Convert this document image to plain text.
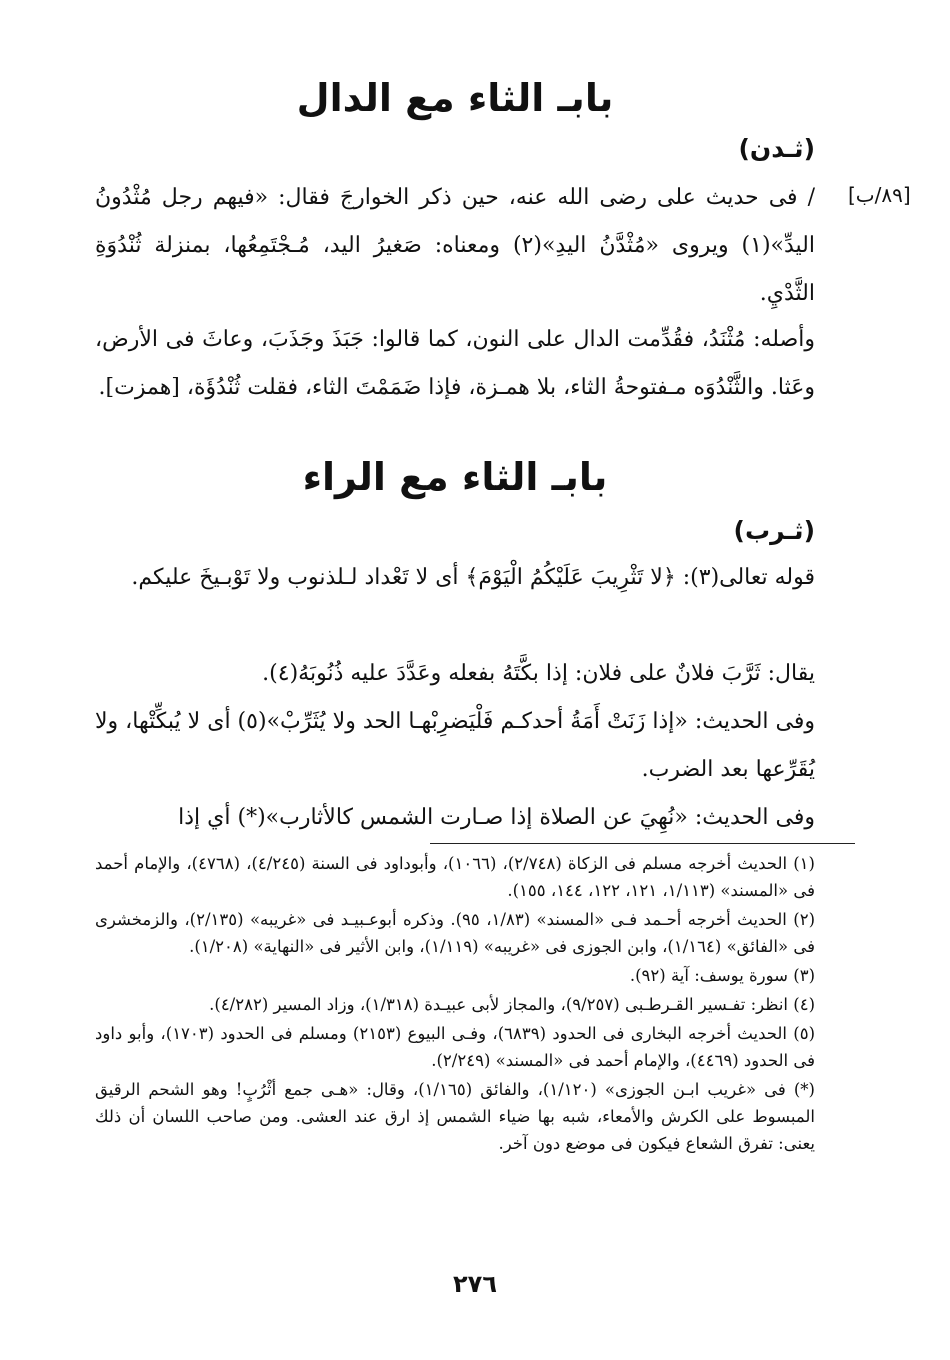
[٨٩/ب]
بابـ الثاء مع الدال
(ثـدن)

/ فى حديث على رضى الله عنه، حين ذكر الخوارجَ فقال: «فيهم رجل مُثْدُونُ اليدِّ»(١) ويروى «مُثْدَّنُ اليدِ»(٢) ومعناه: صَغيرُ اليد، مُـجْتَمِعُها، بمنزلة ثُنْدُوَةِ الثَّدْيِ.

وأصله: مُثْنَدُ، فقُدِّمت الدال على النون، كما قالوا: جَبَذَ وجَذَبَ، وعاثَ فى الأرض، وعَثا. والثَّنْدُوَه مـفتوحةُ الثاء، بلا همـزة، فإذا ضَمَمْتَ الثاء، فقلت ثُنْدُؤَة، [همزت].

بابـ الثاء مع الراء
(ثـرب)

قوله تعالى(٣): ﴿لا تَثْرِيبَ عَلَيْكُمُ الْيَوْمَ﴾ أى لا تَعْداد لـلذنوب ولا تَوْبـيخَ عليكم.

يقال: ثَرَّبَ فلانٌ على فلان: إذا بكَّتَهُ بفعله وعَدَّدَ عليه ذُنُوبَهُ(٤).

وفى الحديث: «إذا زَنَتْ أَمَةُ أحدكـم فَلْيَضرِبْهـا الحد ولا يُثَرِّبْ»(٥) أى لا يُبكِّتْها، ولا يُقَرِّعها بعد الضرب.

وفى الحديث: «نُهِيَ عن الصلاة إذا صـارت الشمس كالأثارب»(*) أي إذا

(١) الحديث أخرجه مسلم فى الزكاة (٢/٧٤٨)، (١٠٦٦)، وأبوداود فى السنة (٤/٢٤٥)، (٤٧٦٨)، والإمام أحمد فى «المسند» (١/١١٣، ١٢١، ١٢٢، ١٤٤، ١٥٥).

(٢) الحديث أخرجه أحـمد فـى «المسند» (١/٨٣، ٩٥). وذكره أبوعـبيـد فى «غريبه» (٢/١٣٥)، والزمخشرى فى «الفائق» (١/١٦٤)، وابن الجوزى فى «غريبه» (١/١١٩)، وابن الأثير فى «النهاية» (١/٢٠٨).

(٣) سورة يوسف: آية (٩٢).

(٤) انظر: تفـسير القـرطـبى (٩/٢٥٧)، والمجاز لأبى عبيـدة (١/٣١٨)، وزاد المسير (٤/٢٨٢).

(٥) الحديث أخرجه البخارى فى الحدود (٦٨٣٩)، وفـى البيوع (٢١٥٣) ومسلم فى الحدود (١٧٠٣)، وأبو داود فى الحدود (٤٤٦٩)، والإمام أحمد فى «المسند» (٢/٢٤٩).

(*) فى «غريب ابـن الجوزى» (١/١٢٠)، والفائق (١/١٦٥)، وقال: «هـى جمع أثْرُبٍ! وهو الشحم الرقيق المبسوط على الكرش والأمعاء، شبه بها ضياء الشمس إذ ارق عند العشى. ومن صاحب اللسان أن ذلك يعنى: تفرق الشعاع فيكون فى موضع دون آخر.

٢٧٦
